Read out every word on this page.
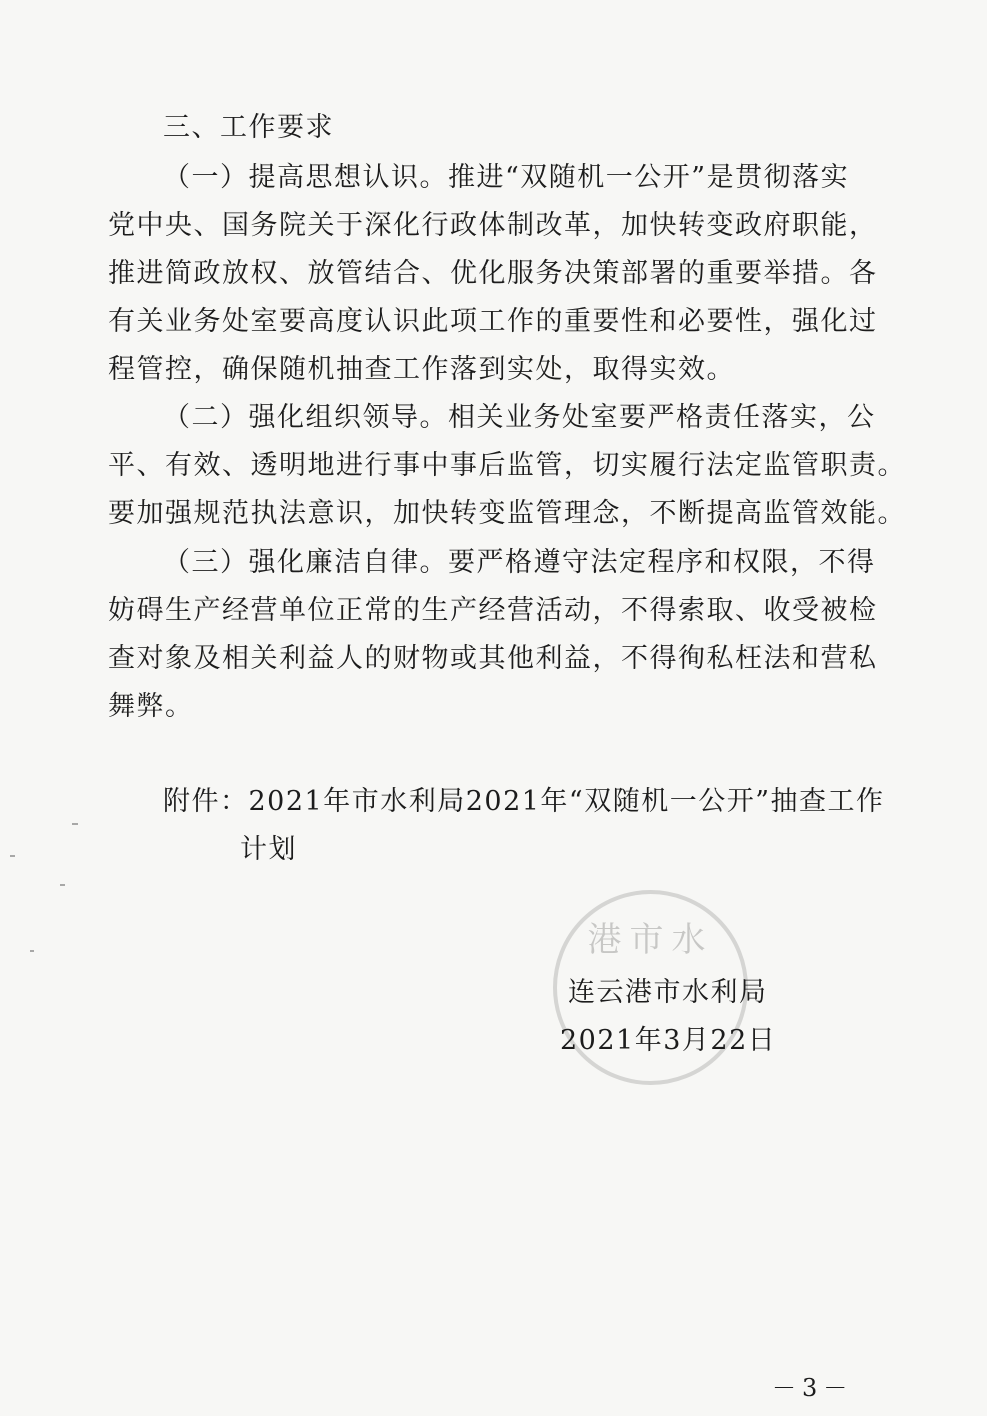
三、工作要求
（一）提高思想认识。推进“双随机一公开”是贯彻落实
党中央、国务院关于深化行政体制改革，加快转变政府职能，
推进简政放权、放管结合、优化服务决策部署的重要举措。各
有关业务处室要高度认识此项工作的重要性和必要性，强化过
程管控，确保随机抽查工作落到实处，取得实效。
（二）强化组织领导。相关业务处室要严格责任落实，公
平、有效、透明地进行事中事后监管，切实履行法定监管职责。
要加强规范执法意识，加快转变监管理念，不断提高监管效能。
（三）强化廉洁自律。要严格遵守法定程序和权限，不得
妨碍生产经营单位正常的生产经营活动，不得索取、收受被检
查对象及相关利益人的财物或其他利益，不得徇私枉法和营私
舞弊。
附件：2021年市水利局2021年“双随机一公开”抽查工作
计划
港市水
连云港市水利局
2021年3月22日
－3－
